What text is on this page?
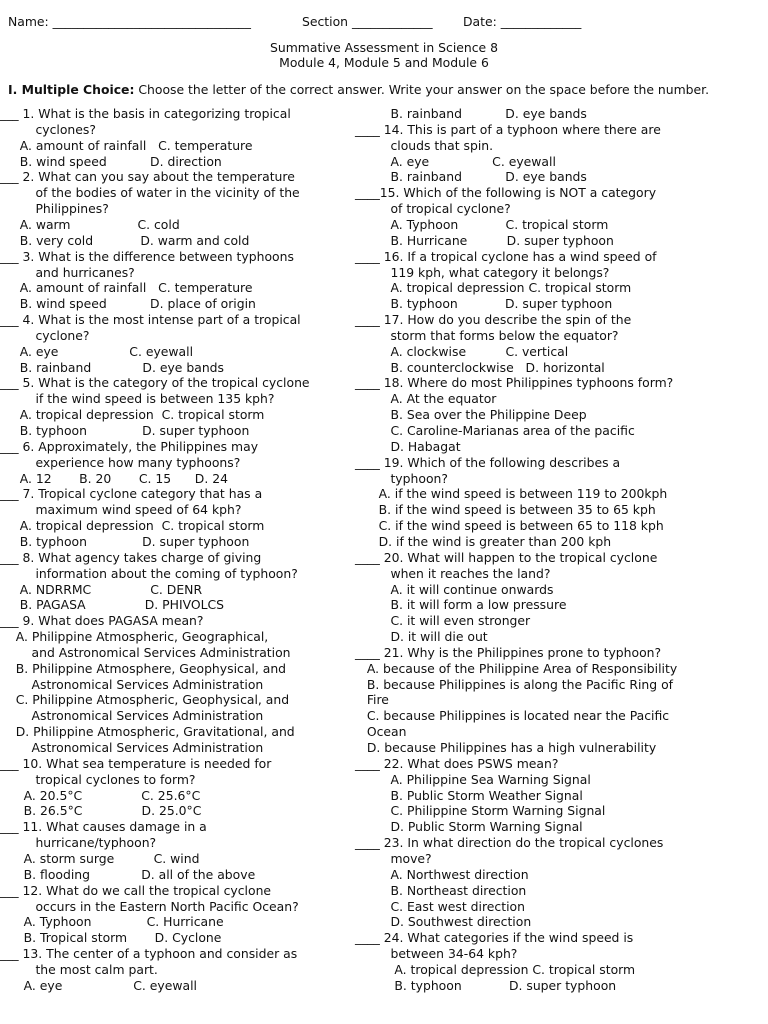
Name: ________________________________	Section _____________ Date: _____________
Summative Assessment in Science 8
Module 4, Module 5 and Module 6
I. Multiple Choice: Choose the letter of the correct answer. Write your answer on the space before the number.
___ 1. What is the basis in categorizing tropical
cyclones?
A. amount of rainfall   C. temperature
B. wind speed           D. direction
___ 2. What can you say about the temperature
of the bodies of water in the vicinity of the
Philippines?
A. warm                 C. cold
B. very cold            D. warm and cold
___ 3. What is the difference between typhoons
and hurricanes?
A. amount of rainfall   C. temperature
B. wind speed           D. place of origin
___ 4. What is the most intense part of a tropical
cyclone?
A. eye                  C. eyewall
B. rainband             D. eye bands
___ 5. What is the category of the tropical cyclone
if the wind speed is between 135 kph?
A. tropical depression  C. tropical storm
B. typhoon              D. super typhoon
___ 6. Approximately, the Philippines may
experience how many typhoons?
A. 12       B. 20       C. 15      D. 24
___ 7. Tropical cyclone category that has a
maximum wind speed of 64 kph?
A. tropical depression  C. tropical storm
B. typhoon              D. super typhoon
___ 8. What agency takes charge of giving
information about the coming of typhoon?
A. NDRRMC               C. DENR
B. PAGASA               D. PHIVOLCS
___ 9. What does PAGASA mean?
A. Philippine Atmospheric, Geographical,
and Astronomical Services Administration
B. Philippine Atmosphere, Geophysical, and
Astronomical Services Administration
C. Philippine Atmospheric, Geophysical, and
Astronomical Services Administration
D. Philippine Atmospheric, Gravitational, and
Astronomical Services Administration
___ 10. What sea temperature is needed for
tropical cyclones to form?
A. 20.5°C               C. 25.6°C
B. 26.5°C               D. 25.0°C
___ 11. What causes damage in a
hurricane/typhoon?
A. storm surge          C. wind
B. flooding             D. all of the above
___ 12. What do we call the tropical cyclone
occurs in the Eastern North Pacific Ocean?
A. Typhoon              C. Hurricane
B. Tropical storm       D. Cyclone
___ 13. The center of a typhoon and consider as
the most calm part.
A. eye                  C. eyewall
B. rainband           D. eye bands
____ 14. This is part of a typhoon where there are
clouds that spin.
A. eye                C. eyewall
B. rainband           D. eye bands
____15. Which of the following is NOT a category
of tropical cyclone?
A. Typhoon            C. tropical storm
B. Hurricane          D. super typhoon
____ 16. If a tropical cyclone has a wind speed of
119 kph, what category it belongs?
A. tropical depression C. tropical storm
B. typhoon            D. super typhoon
____ 17. How do you describe the spin of the
storm that forms below the equator?
A. clockwise          C. vertical
B. counterclockwise   D. horizontal
____ 18. Where do most Philippines typhoons form?
A. At the equator
B. Sea over the Philippine Deep
C. Caroline-Marianas area of the pacific
D. Habagat
____ 19. Which of the following describes a
typhoon?
A. if the wind speed is between 119 to 200kph
B. if the wind speed is between 35 to 65 kph
C. if the wind speed is between 65 to 118 kph
D. if the wind is greater than 200 kph
____ 20. What will happen to the tropical cyclone
when it reaches the land?
A. it will continue onwards
B. it will form a low pressure
C. it will even stronger
D. it will die out
____ 21. Why is the Philippines prone to typhoon?
A. because of the Philippine Area of Responsibility
B. because Philippines is along the Pacific Ring of
Fire
C. because Philippines is located near the Pacific
Ocean
D. because Philippines has a high vulnerability
____ 22. What does PSWS mean?
A. Philippine Sea Warning Signal
B. Public Storm Weather Signal
C. Philippine Storm Warning Signal
D. Public Storm Warning Signal
____ 23. In what direction do the tropical cyclones
move?
A. Northwest direction
B. Northeast direction
C. East west direction
D. Southwest direction
____ 24. What categories if the wind speed is
between 34-64 kph?
A. tropical depression C. tropical storm
B. typhoon            D. super typhoon
